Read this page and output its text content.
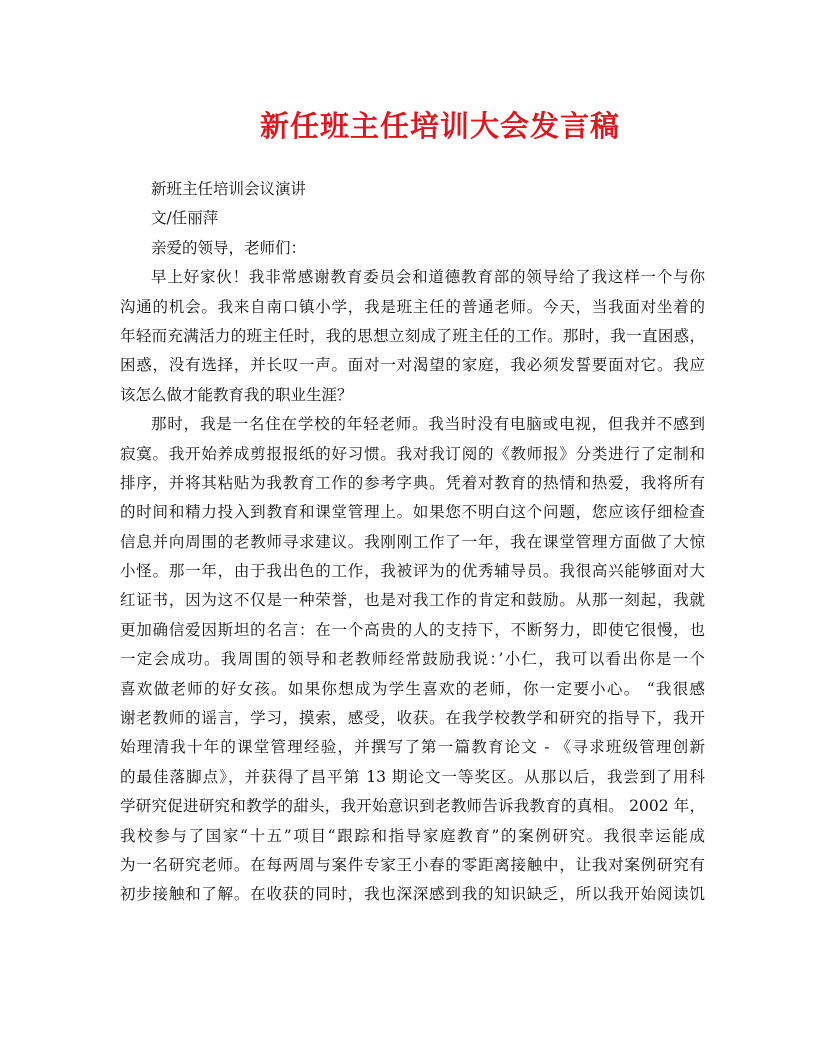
新任班主任培训大会发言稿
新班主任培训会议演讲
文/任丽萍
亲爱的领导，老师们：
早上好家伙！我非常感谢教育委员会和道德教育部的领导给了我这样一个与你
沟通的机会。我来自南口镇小学，我是班主任的普通老师。今天，当我面对坐着的
年轻而充满活力的班主任时，我的思想立刻成了班主任的工作。那时，我一直困惑，
困惑，没有选择，并长叹一声。面对一对渴望的家庭，我必须发誓要面对它。我应
该怎么做才能教育我的职业生涯？
那时，我是一名住在学校的年轻老师。我当时没有电脑或电视，但我并不感到
寂寞。我开始养成剪报报纸的好习惯。我对我订阅的《教师报》分类进行了定制和
排序，并将其粘贴为我教育工作的参考字典。凭着对教育的热情和热爱，我将所有
的时间和精力投入到教育和课堂管理上。如果您不明白这个问题，您应该仔细检查
信息并向周围的老教师寻求建议。我刚刚工作了一年，我在课堂管理方面做了大惊
小怪。那一年，由于我出色的工作，我被评为的优秀辅导员。我很高兴能够面对大
红证书，因为这不仅是一种荣誉，也是对我工作的肯定和鼓励。从那一刻起，我就
更加确信爱因斯坦的名言：在一个高贵的人的支持下，不断努力，即使它很慢，也
一定会成功。我周围的领导和老教师经常鼓励我说：’小仁，我可以看出你是一个
喜欢做老师的好女孩。如果你想成为学生喜欢的老师，你一定要小心。 “我很感
谢老教师的谣言，学习，摸索，感受，收获。在我学校教学和研究的指导下，我开
始理清我十年的课堂管理经验，并撰写了第一篇教育论文 - 《寻求班级管理创新
的最佳落脚点》，并获得了昌平第 13 期论文一等奖区。从那以后，我尝到了用科
学研究促进研究和教学的甜头，我开始意识到老教师告诉我教育的真相。 2002 年，
我校参与了国家“十五”项目“跟踪和指导家庭教育”的案例研究。我很幸运能成
为一名研究老师。在每两周与案件专家王小春的零距离接触中，让我对案例研究有
初步接触和了解。在收获的同时，我也深深感到我的知识缺乏，所以我开始阅读饥
